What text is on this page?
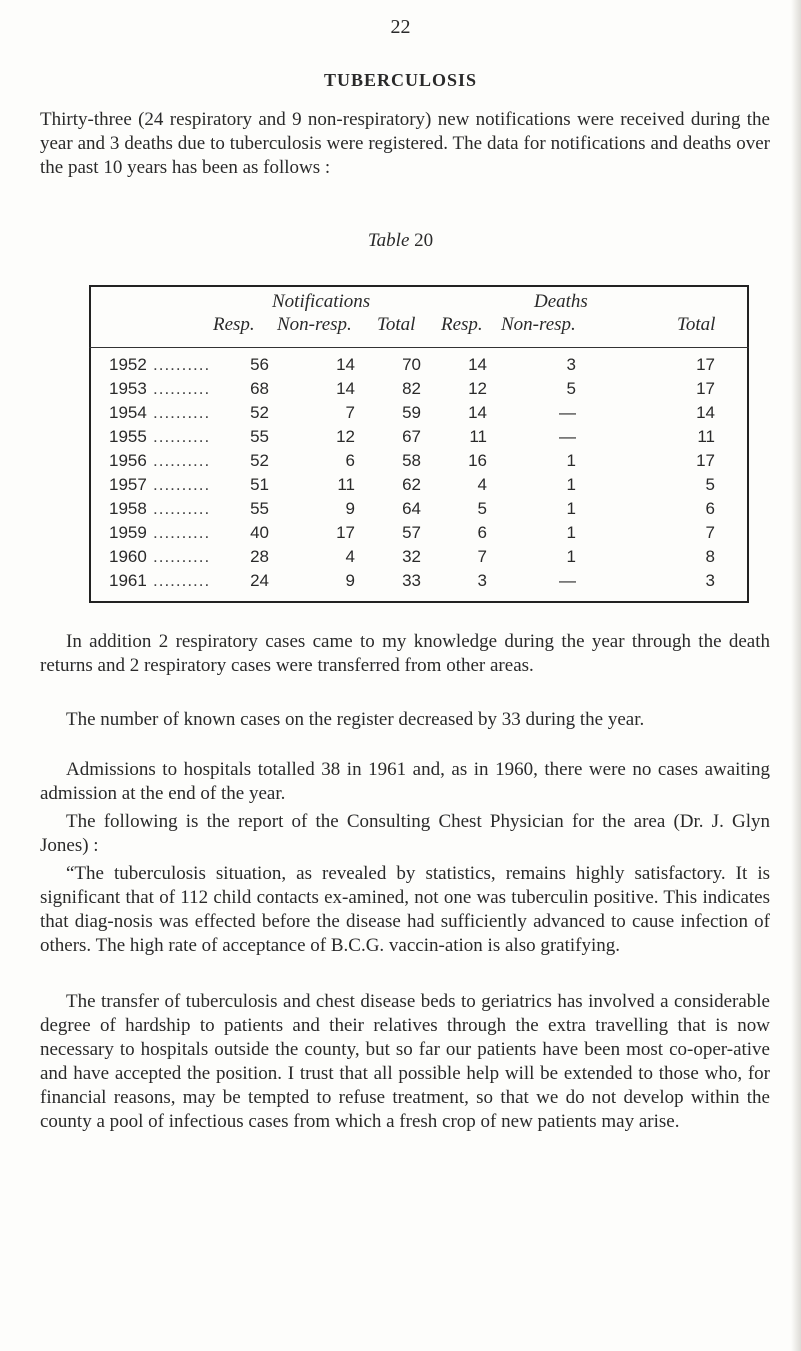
22
TUBERCULOSIS
Thirty-three (24 respiratory and 9 non-respiratory) new notifications were received during the year and 3 deaths due to tuberculosis were registered. The data for notifications and deaths over the past 10 years has been as follows :
Table 20
Notifications	Deaths
Resp. Non-resp. Total Resp. Non-resp.	Total
1952 ..........	56	14	70	14	3	17
1953 ..........	68	14	82	12	5	17
1954 ..........	52	7	59	14	—	14
1955 ..........	55	12	67	11	—	11
1956 ..........	52	6	58	16	1	17
1957 ..........	51	11	62	4	1	5
1958 ..........	55	9	64	5	1	6
1959 ..........	40	17	57	6	1	7
1960 ..........	28	4	32	7	1	8
1961 ..........	24	9	33	3	—	3
In addition 2 respiratory cases came to my knowledge during the year through the death returns and 2 respiratory cases were transferred from other areas.
The number of known cases on the register decreased by 33 during the year.
Admissions to hospitals totalled 38 in 1961 and, as in 1960, there were no cases awaiting admission at the end of the year.
The following is the report of the Consulting Chest Physician for the area (Dr. J. Glyn Jones) :
“The tuberculosis situation, as revealed by statistics, remains highly satisfactory. It is significant that of 112 child contacts ex-amined, not one was tuberculin positive. This indicates that diag-nosis was effected before the disease had sufficiently advanced to cause infection of others. The high rate of acceptance of B.C.G. vaccin-ation is also gratifying.
The transfer of tuberculosis and chest disease beds to geriatrics has involved a considerable degree of hardship to patients and their relatives through the extra travelling that is now necessary to hospitals outside the county, but so far our patients have been most co-oper-ative and have accepted the position. I trust that all possible help will be extended to those who, for financial reasons, may be tempted to refuse treatment, so that we do not develop within the county a pool of infectious cases from which a fresh crop of new patients may arise.
